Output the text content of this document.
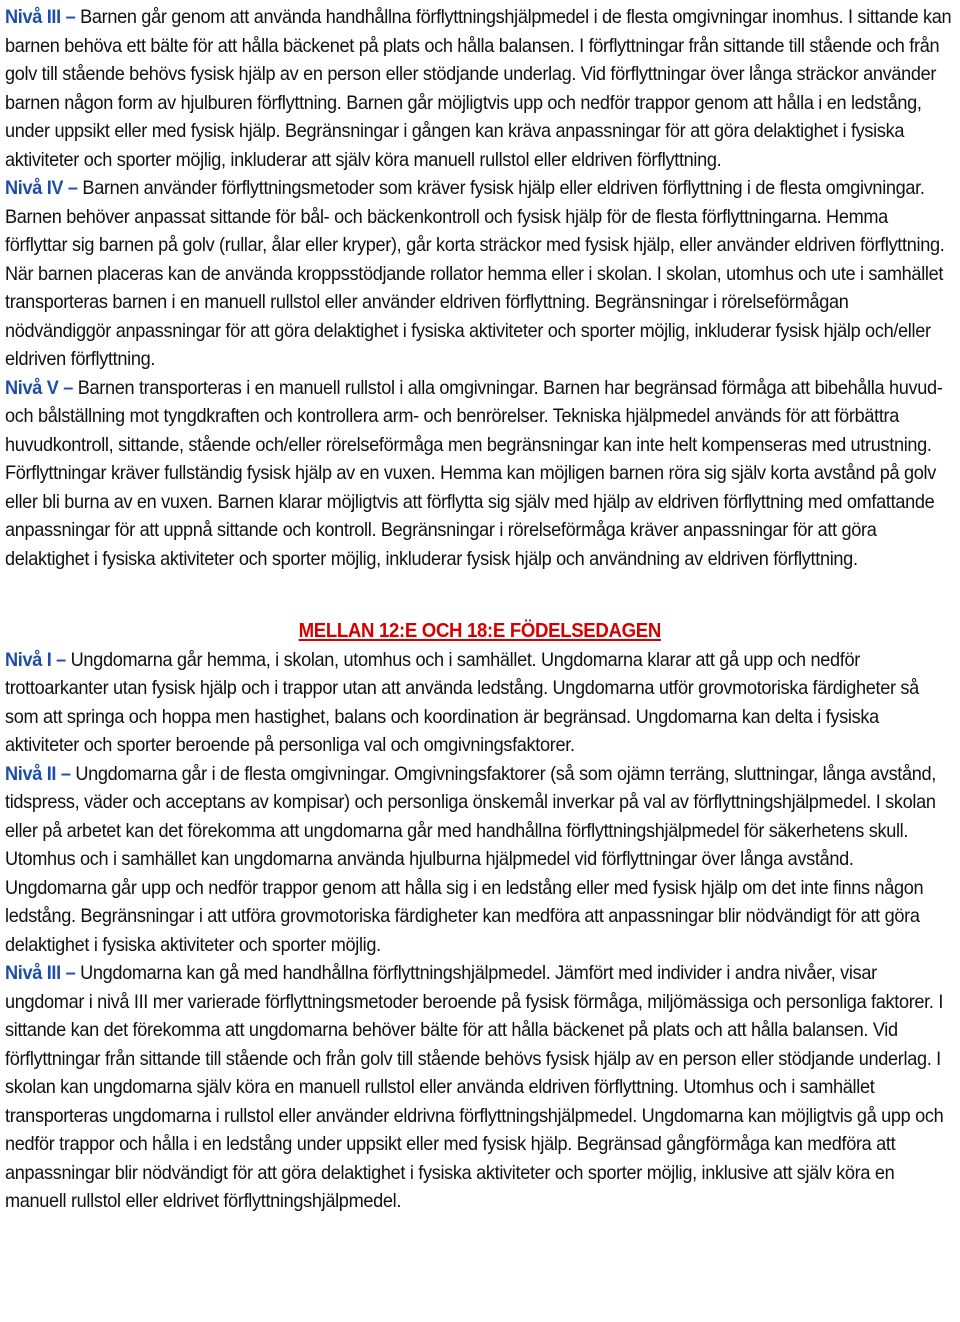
Nivå III – Barnen går genom att använda handhållna förflyttningshjälpmedel i de flesta omgivningar inomhus. I sittande kan barnen behöva ett bälte för att hålla bäckenet på plats och hålla balansen. I förflyttningar från sittande till stående och från golv till stående behövs fysisk hjälp av en person eller stödjande underlag. Vid förflyttningar över långa sträckor använder barnen någon form av hjulburen förflyttning. Barnen går möjligtvis upp och nedför trappor genom att hålla i en ledstång, under uppsikt eller med fysisk hjälp. Begränsningar i gången kan kräva anpassningar för att göra delaktighet i fysiska aktiviteter och sporter möjlig, inkluderar att själv köra manuell rullstol eller eldriven förflyttning.

Nivå IV – Barnen använder förflyttningsmetoder som kräver fysisk hjälp eller eldriven förflyttning i de flesta omgivningar. Barnen behöver anpassat sittande för bål- och bäckenkontroll och fysisk hjälp för de flesta förflyttningarna. Hemma förflyttar sig barnen på golv (rullar, ålar eller kryper), går korta sträckor med fysisk hjälp, eller använder eldriven förflyttning. När barnen placeras kan de använda kroppsstödjande rollator hemma eller i skolan. I skolan, utomhus och ute i samhället transporteras barnen i en manuell rullstol eller använder eldriven förflyttning. Begränsningar i rörelseförmågan nödvändiggör anpassningar för att göra delaktighet i fysiska aktiviteter och sporter möjlig, inkluderar fysisk hjälp och/eller eldriven förflyttning.

Nivå V – Barnen transporteras i en manuell rullstol i alla omgivningar. Barnen har begränsad förmåga att bibehålla huvud- och bålställning mot tyngdkraften och kontrollera arm- och benrörelser. Tekniska hjälpmedel används för att förbättra huvudkontroll, sittande, stående och/eller rörelseförmåga men begränsningar kan inte helt kompenseras med utrustning. Förflyttningar kräver fullständig fysisk hjälp av en vuxen. Hemma kan möjligen barnen röra sig själv korta avstånd på golv eller bli burna av en vuxen. Barnen klarar möjligtvis att förflytta sig själv med hjälp av eldriven förflyttning med omfattande anpassningar för att uppnå sittande och kontroll. Begränsningar i rörelseförmåga kräver anpassningar för att göra delaktighet i fysiska aktiviteter och sporter möjlig, inkluderar fysisk hjälp och användning av eldriven förflyttning.

MELLAN 12:E OCH 18:E FÖDELSEDAGEN

Nivå I – Ungdomarna går hemma, i skolan, utomhus och i samhället. Ungdomarna klarar att gå upp och nedför trottoarkanter utan fysisk hjälp och i trappor utan att använda ledstång. Ungdomarna utför grovmotoriska färdigheter så som att springa och hoppa men hastighet, balans och koordination är begränsad. Ungdomarna kan delta i fysiska aktiviteter och sporter beroende på personliga val och omgivningsfaktorer.

Nivå II – Ungdomarna går i de flesta omgivningar. Omgivningsfaktorer (så som ojämn terräng, sluttningar, långa avstånd, tidspress, väder och acceptans av kompisar) och personliga önskemål inverkar på val av förflyttningshjälpmedel. I skolan eller på arbetet kan det förekomma att ungdomarna går med handhållna förflyttningshjälpmedel för säkerhetens skull. Utomhus och i samhället kan ungdomarna använda hjulburna hjälpmedel vid förflyttningar över långa avstånd. Ungdomarna går upp och nedför trappor genom att hålla sig i en ledstång eller med fysisk hjälp om det inte finns någon ledstång. Begränsningar i att utföra grovmotoriska färdigheter kan medföra att anpassningar blir nödvändigt för att göra delaktighet i fysiska aktiviteter och sporter möjlig.

Nivå III – Ungdomarna kan gå med handhållna förflyttningshjälpmedel. Jämfört med individer i andra nivåer, visar ungdomar i nivå III mer varierade förflyttningsmetoder beroende på fysisk förmåga, miljömässiga och personliga faktorer. I sittande kan det förekomma att ungdomarna behöver bälte för att hålla bäckenet på plats och att hålla balansen. Vid förflyttningar från sittande till stående och från golv till stående behövs fysisk hjälp av en person eller stödjande underlag. I skolan kan ungdomarna själv köra en manuell rullstol eller använda eldriven förflyttning. Utomhus och i samhället transporteras ungdomarna i rullstol eller använder eldrivna förflyttningshjälpmedel. Ungdomarna kan möjligtvis gå upp och nedför trappor och hålla i en ledstång under uppsikt eller med fysisk hjälp. Begränsad gångförmåga kan medföra att anpassningar blir nödvändigt för att göra delaktighet i fysiska aktiviteter och sporter möjlig, inklusive att själv köra en manuell rullstol eller eldrivet förflyttningshjälpmedel.
